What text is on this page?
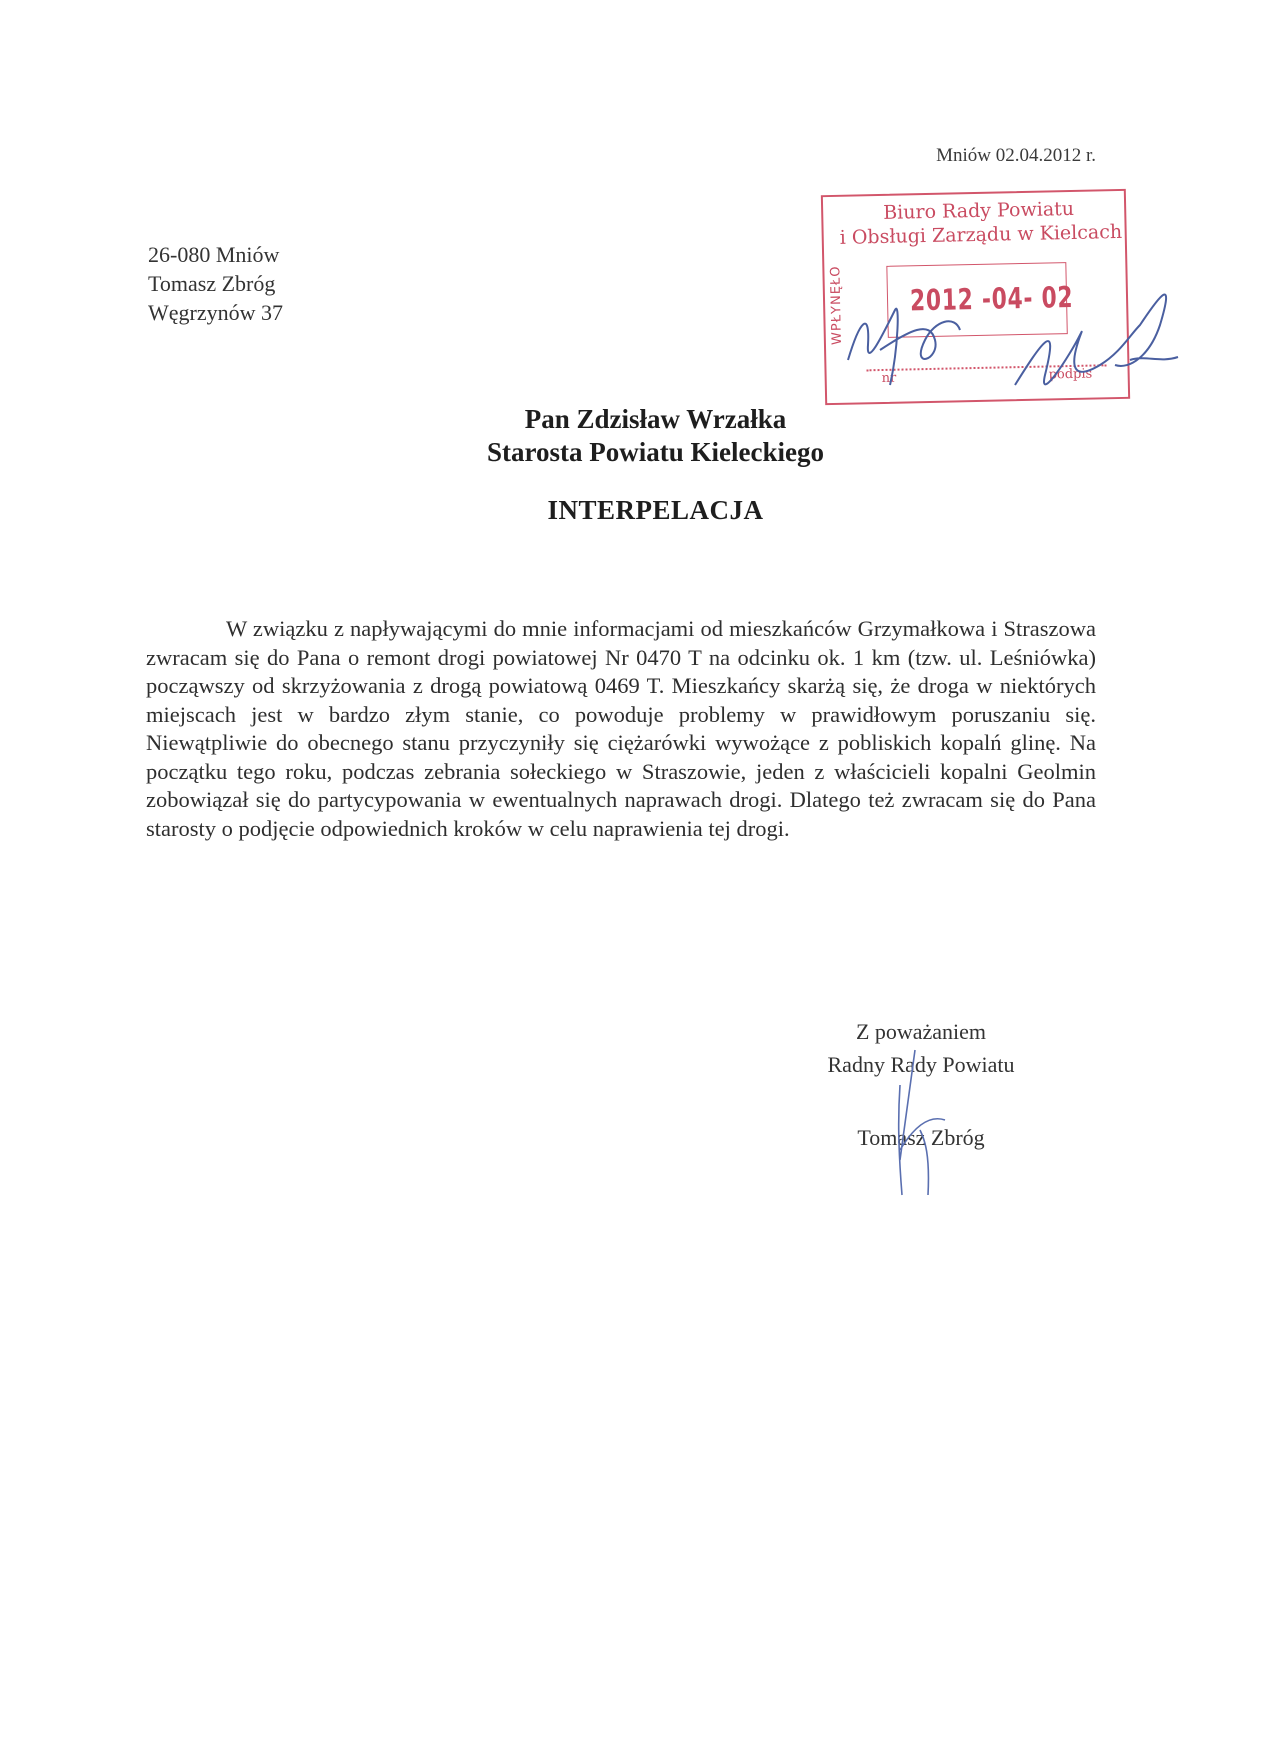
Mniów 02.04.2012 r.
26-080 Mniów
Tomasz Zbróg
Węgrzynów 37
Biuro Rady Powiatu
i Obsługi Zarządu w Kielcach
WPŁYNĘŁO 2012 -04- 02
nr	podpis
Pan Zdzisław Wrzałka
Starosta Powiatu Kieleckiego
INTERPELACJA
W związku z napływającymi do mnie informacjami od mieszkańców Grzymałkowa i Straszowa zwracam się do Pana o remont drogi powiatowej Nr 0470 T na odcinku ok. 1 km (tzw. ul. Leśniówka) począwszy od skrzyżowania z drogą powiatową 0469 T. Mieszkańcy skarżą się, że droga w niektórych miejscach jest w bardzo złym stanie, co powoduje problemy w prawidłowym poruszaniu się. Niewątpliwie do obecnego stanu przyczyniły się ciężarówki wywożące z pobliskich kopalń glinę. Na początku tego roku, podczas zebrania sołeckiego w Straszowie, jeden z właścicieli kopalni Geolmin zobowiązał się do partycypowania w ewentualnych naprawach drogi. Dlatego też zwracam się do Pana starosty o podjęcie odpowiednich kroków w celu naprawienia tej drogi.
Z poważaniem
Radny Rady Powiatu
Tomasz Zbróg
